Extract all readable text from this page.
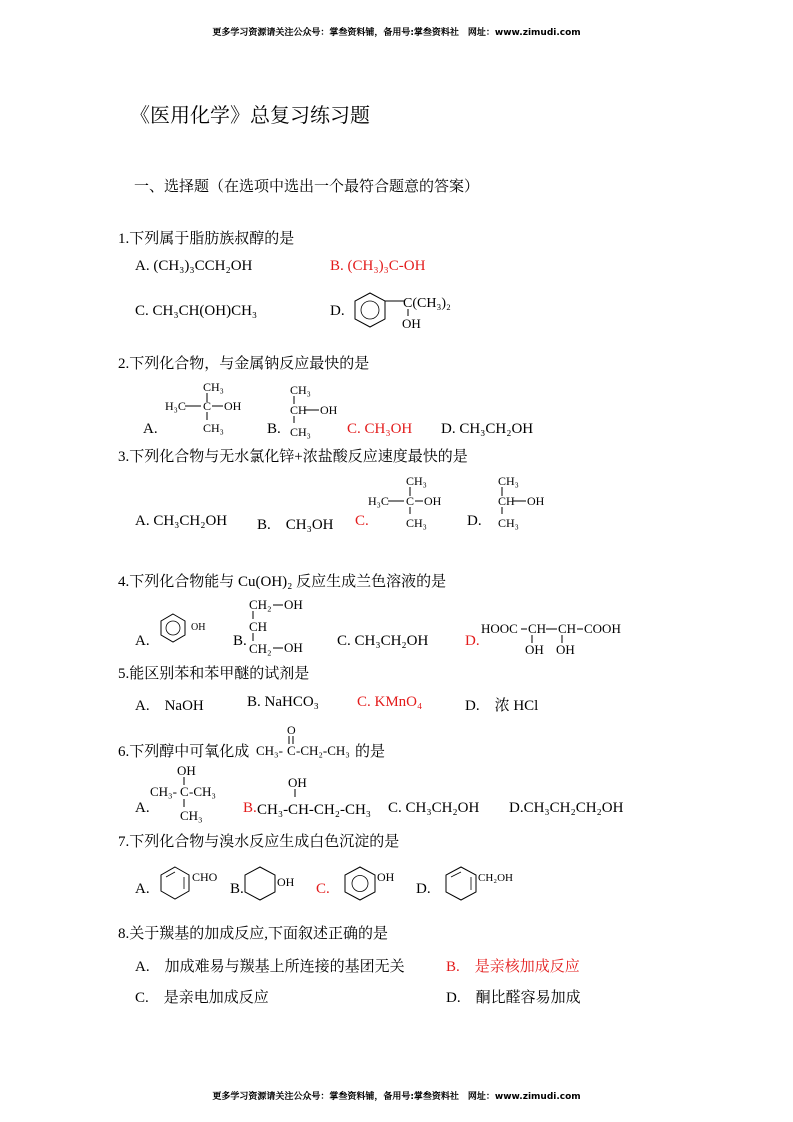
更多学习资源请关注公众号：掌叁资料铺，备用号:掌叁资料社　网址：www.zimudi.com
《医用化学》总复习练习题
一、选择题（在选项中选出一个最符合题意的答案）
1.下列属于脂肪族叔醇的是
A. (CH₃)₃CCH₂OH	B. (CH₃)₃C-OH
C. CH₃CH(OH)CH₃	D.	C(CH₃)₂
OH
2.下列化合物，与金属钠反应最快的是
A.
CH₃
H₃C C OH
CH₃	B.
CH₃
CH OH
CH₃ C. CH₃OH D. CH₃CH₂OH
3.下列化合物与无水氯化锌+浓盐酸反应速度最快的是
A. CH₃CH₂OH B.　CH₃OH C.
CH₃
H₃C C OH
CH₃	D.
CH₃
CH OH
CH₃
4.下列化合物能与 Cu(OH)₂ 反应生成兰色溶液的是
A.
OH
B.
CH₂ OH
CH
CH₂ OH C. CH₃CH₂OH D.
HOOC CH CH COOH
OH OH
5.能区别苯和苯甲醚的试剂是
A.　NaOH	B. NaHCO₃	C. KMnO₄	D.　浓 HCl
6.下列醇中可氧化成
O
CH₃- C -CH₂-CH₃ 的是
A.
OH
CH₃- C -CH₃
CH₃	B.
OH
CH₃-CH-CH₂-CH₃ C. CH₃CH₂OH D.CH₃CH₂CH₂OH
7.下列化合物与溴水反应生成白色沉淀的是
A.
CHO
B.	OH C.
OH
D.
CH₂OH
8.关于羰基的加成反应,下面叙述正确的是
A.　加成难易与羰基上所连接的基团无关	B.　是亲核加成反应
C.　是亲电加成反应	D.　酮比醛容易加成
更多学习资源请关注公众号：掌叁资料铺，备用号:掌叁资料社　网址：www.zimudi.com
